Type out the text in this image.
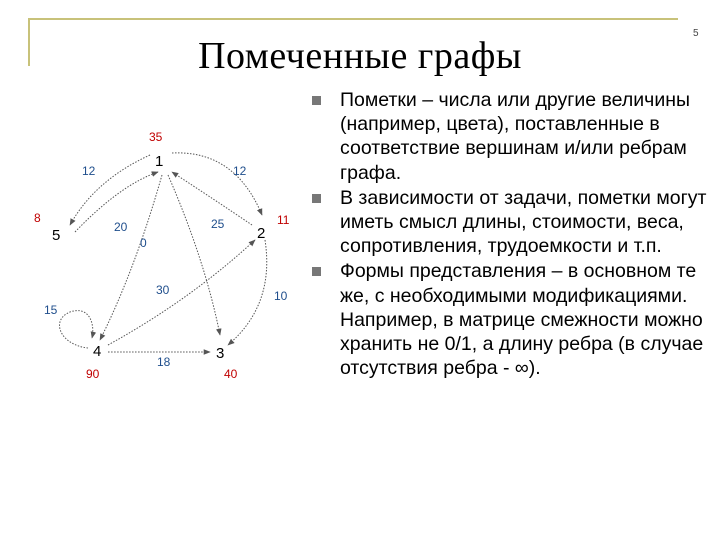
5
Помеченные графы
1
2
3
4
5
35
11
40
90
8
12	12
20	25
0
30	10
15
18
Пометки – числа или другие величины (например, цвета), поставленные в соответствие вершинам и/или ребрам графа.
В зависимости от задачи, пометки могут иметь смысл длины, стоимости, веса, сопротивления, трудоемкости и т.п.
Формы представления – в основном те же, с необходимыми модификациями. Например, в матрице смежности можно хранить не 0/1, а длину ребра (в случае отсутствия ребра - ∞).
